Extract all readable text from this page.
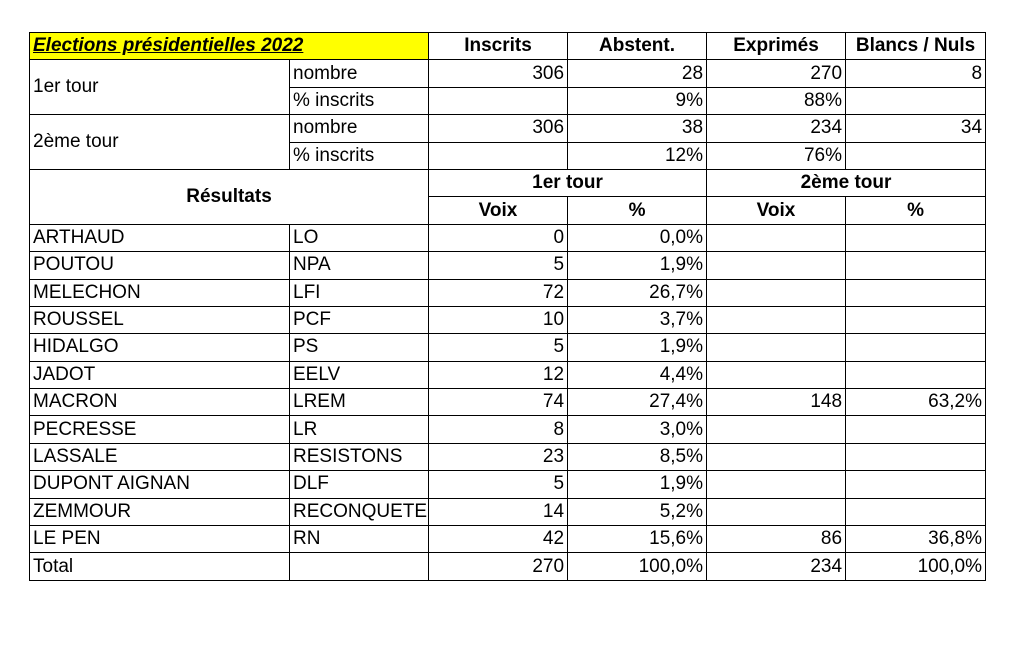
Elections présidentielles 2022		Inscrits	Abstent.	Exprimés	Blancs / Nuls
1er tour	nombre	306	28	270	8
	% inscrits		9%	88%	
2ème tour	nombre	306	38	234	34
	% inscrits		12%	76%	
Résultats		1er tour		2ème tour	
		Voix	%	Voix	%
ARTHAUD	LO	0	0,0%		
POUTOU	NPA	5	1,9%		
MELECHON	LFI	72	26,7%		
ROUSSEL	PCF	10	3,7%		
HIDALGO	PS	5	1,9%		
JADOT	EELV	12	4,4%		
MACRON	LREM	74	27,4%	148	63,2%
PECRESSE	LR	8	3,0%		
LASSALE	RESISTONS	23	8,5%		
DUPONT AIGNAN	DLF	5	1,9%		
ZEMMOUR	RECONQUETE	14	5,2%		
LE PEN	RN	42	15,6%	86	36,8%
Total		270	100,0%	234	100,0%
